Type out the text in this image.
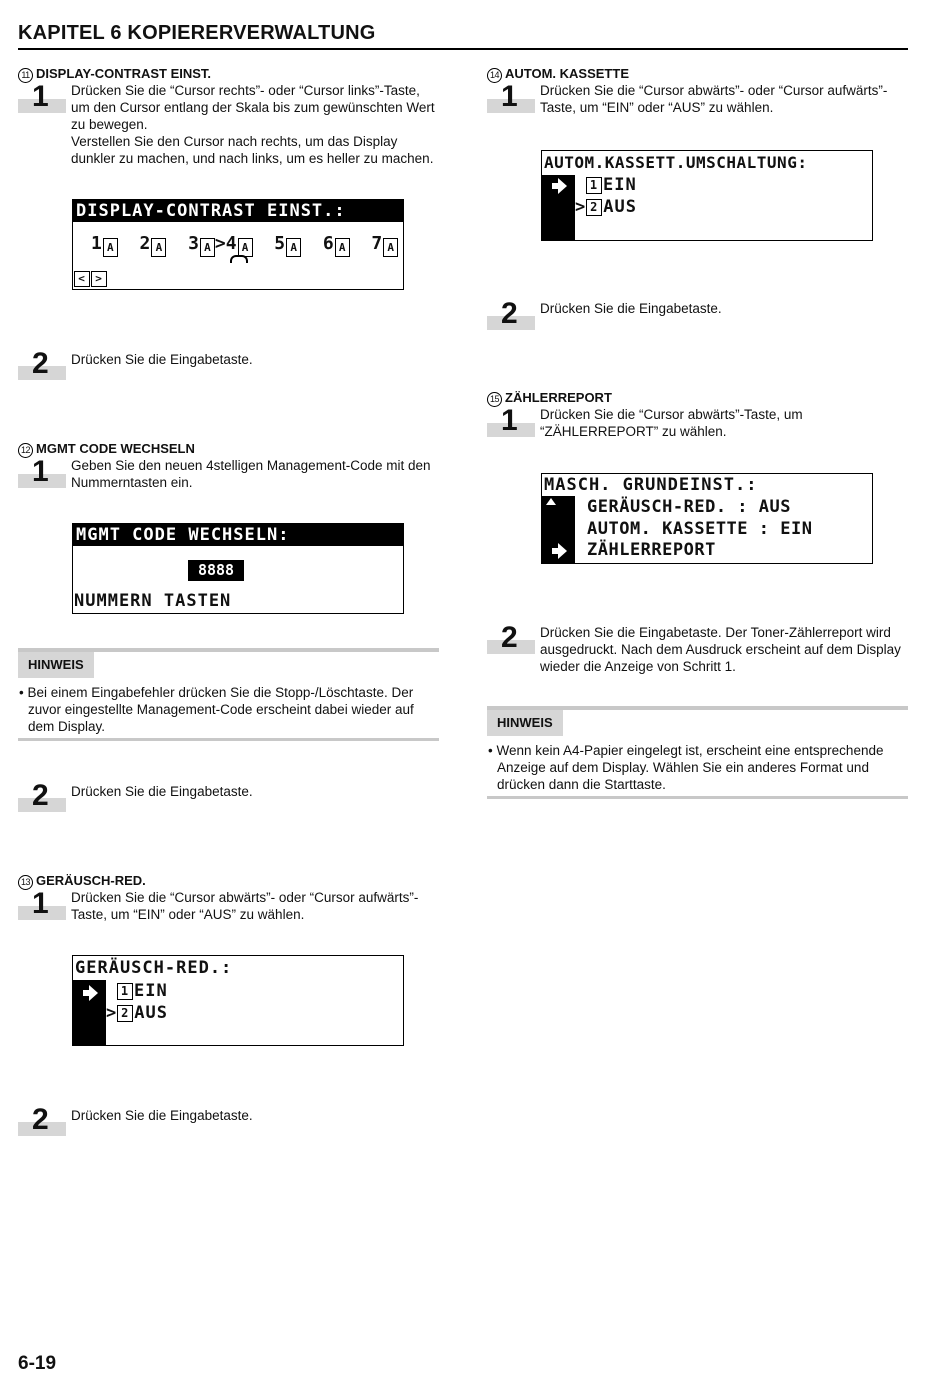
KAPITEL 6 KOPIERERVERWALTUNG
11 DISPLAY-CONTRAST EINST.
1 Drücken Sie die “Cursor rechts”- oder “Cursor links”-Taste, um den Cursor entlang der Skala bis zum gewünschten Wert zu bewegen.

Verstellen Sie den Cursor nach rechts, um das Display dunkler zu machen, und nach links, um es heller zu machen.

DISPLAY-CONTRAST EINST.:
1 A 2 A 3 A >4 A 5 A 6 A 7 A
< >
2 Drücken Sie die Eingabetaste.
12 MGMT CODE WECHSELN
1 Geben Sie den neuen 4stelligen Management-Code mit den Nummerntasten ein.
MGMT CODE WECHSELN:
8888
NUMMERN TASTEN
HINWEIS
• Bei einem Eingabefehler drücken Sie die Stopp-/Löschtaste. Der zuvor eingestellte Management-Code erscheint dabei wieder auf dem Display.
2 Drücken Sie die Eingabetaste.
13 GERÄUSCH-RED.
1 Drücken Sie die “Cursor abwärts”- oder “Cursor aufwärts”-Taste, um “EIN” oder “AUS” zu wählen.
GERÄUSCH-RED.:
1 EIN
> 2 AUS
2 Drücken Sie die Eingabetaste.
14 AUTOM. KASSETTE
1 Drücken Sie die “Cursor abwärts”- oder “Cursor aufwärts”-Taste, um “EIN” oder “AUS” zu wählen.
AUTOM.KASSETT.UMSCHALTUNG:
1 EIN
> 2 AUS
2 Drücken Sie die Eingabetaste.
15 ZÄHLERREPORT
1 Drücken Sie die “Cursor abwärts”-Taste, um “ZÄHLERREPORT” zu wählen.
MASCH. GRUNDEINST.:
GERÄUSCH-RED. : AUS
AUTOM. KASSETTE : EIN
ZÄHLERREPORT
2 Drücken Sie die Eingabetaste. Der Toner-Zählerreport wird ausgedruckt. Nach dem Ausdruck erscheint auf dem Display wieder die Anzeige von Schritt 1.
HINWEIS
• Wenn kein A4-Papier eingelegt ist, erscheint eine entsprechende Anzeige auf dem Display. Wählen Sie ein anderes Format und drücken dann die Starttaste.
6-19
